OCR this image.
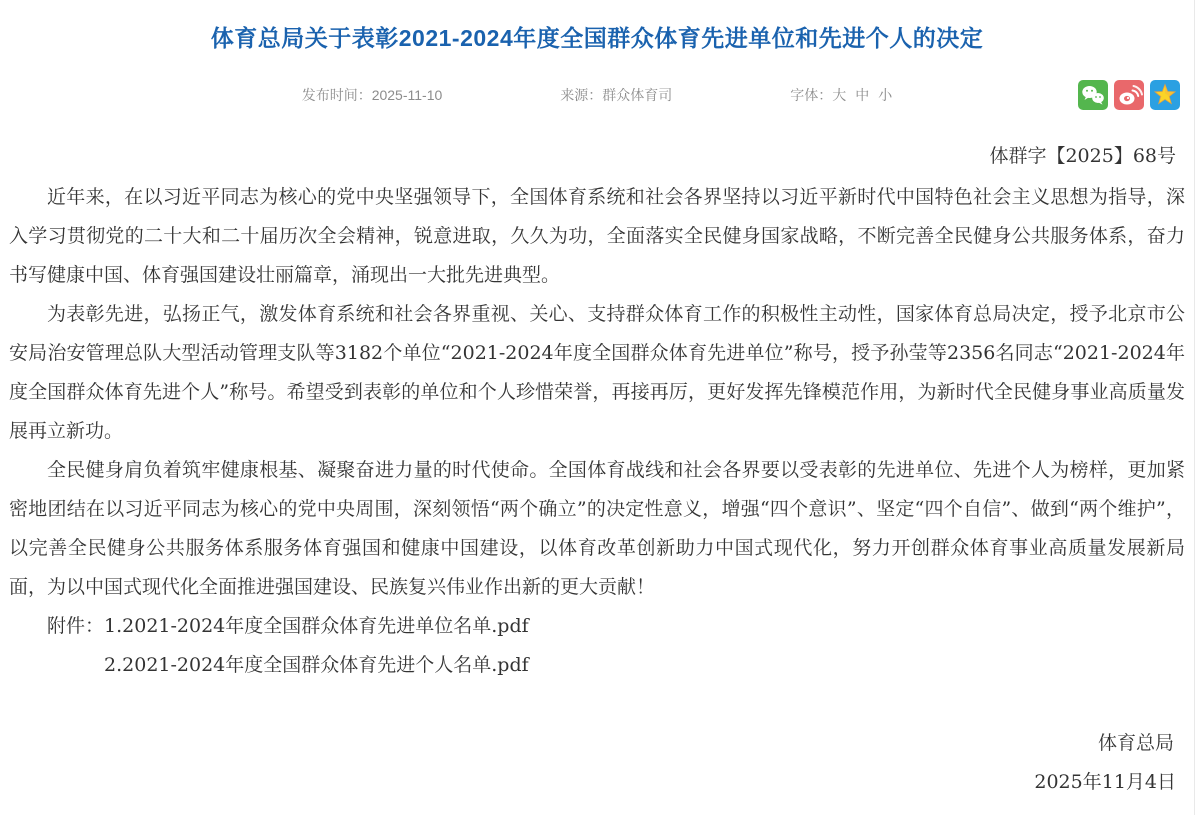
体育总局关于表彰2021-2024年度全国群众体育先进单位和先进个人的决定
发布时间：2025-11-10	来源：群众体育司	字体： 大 中 小
体群字【2025】68号

近年来，在以习近平同志为核心的党中央坚强领导下，全国体育系统和社会各界坚持以习近平新时代中国特色社会主义思想为指导，深入学习贯彻党的二十大和二十届历次全会精神，锐意进取，久久为功，全面落实全民健身国家战略，不断完善全民健身公共服务体系，奋力书写健康中国、体育强国建设壮丽篇章，涌现出一大批先进典型。

为表彰先进，弘扬正气，激发体育系统和社会各界重视、关心、支持群众体育工作的积极性主动性，国家体育总局决定，授予北京市公安局治安管理总队大型活动管理支队等3182个单位“2021-2024年度全国群众体育先进单位”称号，授予孙莹等2356名同志“2021-2024年度全国群众体育先进个人”称号。希望受到表彰的单位和个人珍惜荣誉，再接再厉，更好发挥先锋模范作用，为新时代全民健身事业高质量发展再立新功。

全民健身肩负着筑牢健康根基、凝聚奋进力量的时代使命。全国体育战线和社会各界要以受表彰的先进单位、先进个人为榜样，更加紧密地团结在以习近平同志为核心的党中央周围，深刻领悟“两个确立”的决定性意义，增强“四个意识”、坚定“四个自信”、做到“两个维护”，以完善全民健身公共服务体系服务体育强国和健康中国建设，以体育改革创新助力中国式现代化，努力开创群众体育事业高质量发展新局面，为以中国式现代化全面推进强国建设、民族复兴伟业作出新的更大贡献！

附件： 1.2021-2024年度全国群众体育先进单位名单.pdf
2.2021-2024年度全国群众体育先进个人名单.pdf
体育总局
2025年11月4日
